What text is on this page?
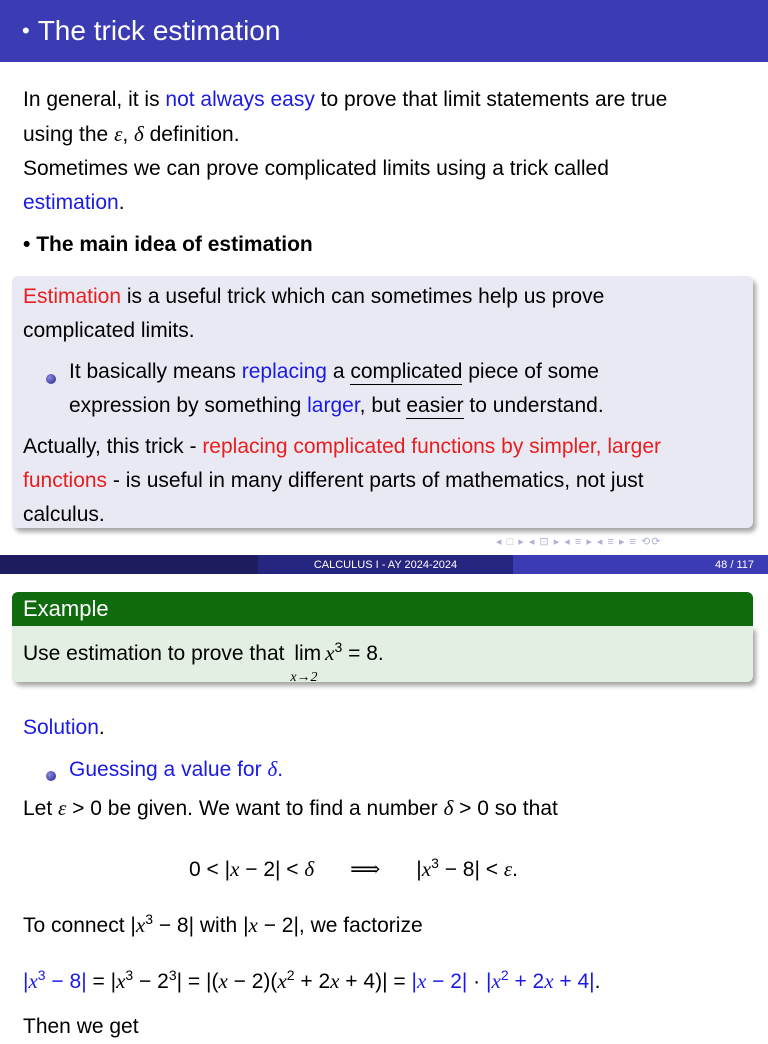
• The trick estimation
In general, it is not always easy to prove that limit statements are true
using the ε, δ definition.
Sometimes we can prove complicated limits using a trick called
estimation.
• The main idea of estimation
Estimation is a useful trick which can sometimes help us prove
complicated limits.
It basically means replacing a complicated piece of some
expression by something larger, but easier to understand.
Actually, this trick - replacing complicated functions by simpler, larger
functions - is useful in many different parts of mathematics, not just
calculus.
◂ □ ▸ ◂ ⊡ ▸ ◂ ≡ ▸ ◂ ≡ ▸ ≡ ⟲⟳
CALCULUS I - AY 2024-2024	48 / 117
Example
Use estimation to prove that lim
x→2
$x^3 = 8$.
Solution.
Guessing a value for δ.
Let ε > 0 be given. We want to find a number δ > 0 so that
0 < |x − 2| < δ ⟹ $|x^3 - 8| < \varepsilon$.
To connect $|x^3 - 8|$ with |x − 2|, we factorize
$|x^3 - 8| = |x^3 - 2^3| = |(x - 2)(x^2 + 2x + 4)| = |x - 2| \cdot |x^2 + 2x + 4|$.
Then we get
